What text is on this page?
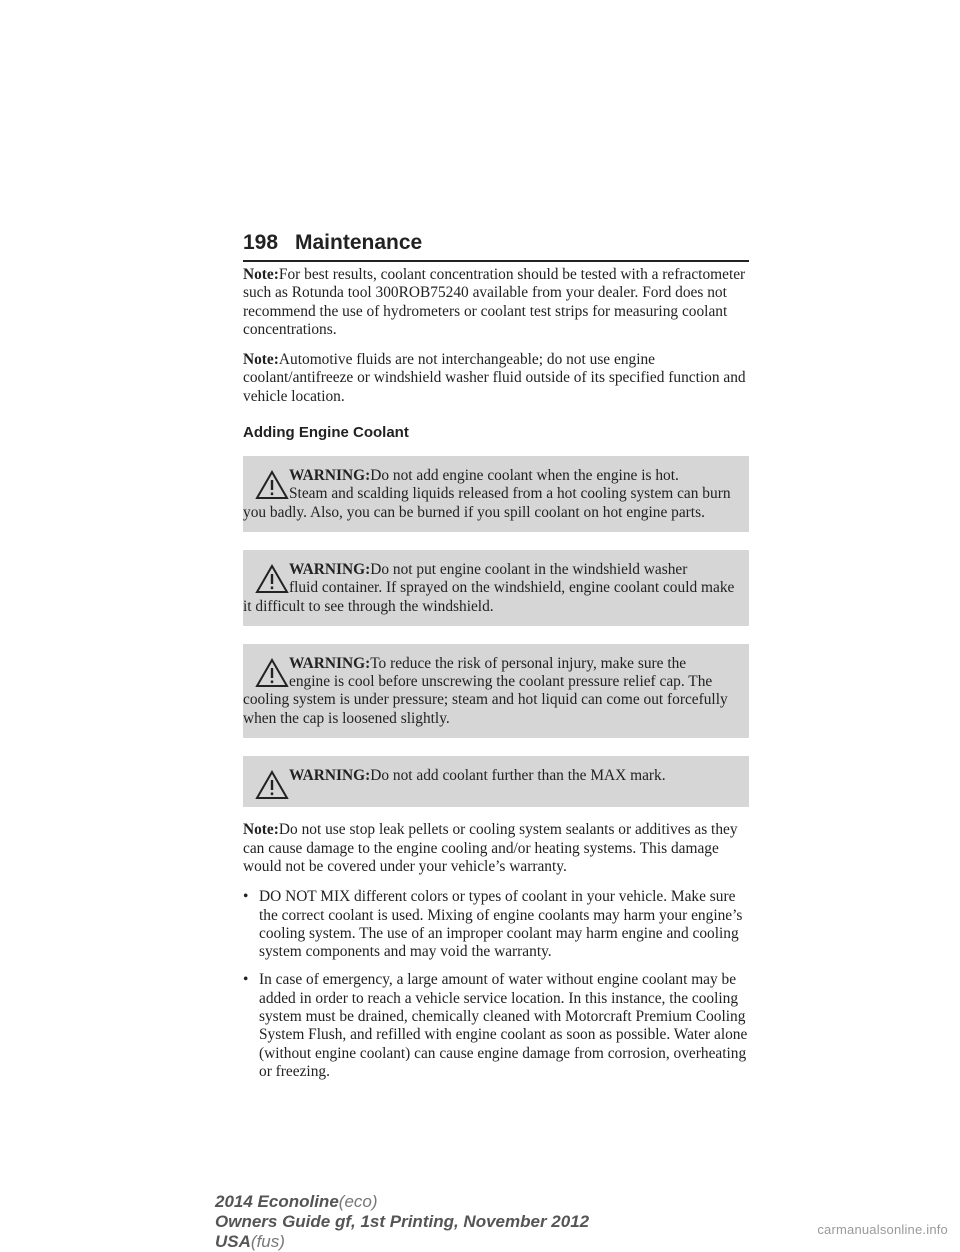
198 Maintenance

Note:For best results, coolant concentration should be tested with a refractometer such as Rotunda tool 300ROB75240 available from your dealer. Ford does not recommend the use of hydrometers or coolant test strips for measuring coolant concentrations.

Note:Automotive fluids are not interchangeable; do not use engine coolant/antifreeze or windshield washer fluid outside of its specified function and vehicle location.

Adding Engine Coolant
WARNING:Do not add engine coolant when the engine is hot.
Steam and scalding liquids released from a hot cooling system can burn you badly. Also, you can be burned if you spill coolant on hot engine parts.
WARNING:Do not put engine coolant in the windshield washer
fluid container. If sprayed on the windshield, engine coolant could make it difficult to see through the windshield.
WARNING:To reduce the risk of personal injury, make sure the
engine is cool before unscrewing the coolant pressure relief cap. The cooling system is under pressure; steam and hot liquid can come out forcefully when the cap is loosened slightly.
WARNING:Do not add coolant further than the MAX mark.

Note:Do not use stop leak pellets or cooling system sealants or additives as they can cause damage to the engine cooling and/or heating systems. This damage would not be covered under your vehicle’s warranty.

• DO NOT MIX different colors or types of coolant in your vehicle. Make sure the correct coolant is used. Mixing of engine coolants may harm your engine’s cooling system. The use of an improper coolant may harm engine and cooling system components and may void the warranty.
• In case of emergency, a large amount of water without engine coolant may be added in order to reach a vehicle service location. In this instance, the cooling system must be drained, chemically cleaned with Motorcraft Premium Cooling System Flush, and refilled with engine coolant as soon as possible. Water alone (without engine coolant) can cause engine damage from corrosion, overheating or freezing.
2014 Econoline(eco)
Owners Guide gf, 1st Printing, November 2012
USA(fus)
carmanualsonline.info
